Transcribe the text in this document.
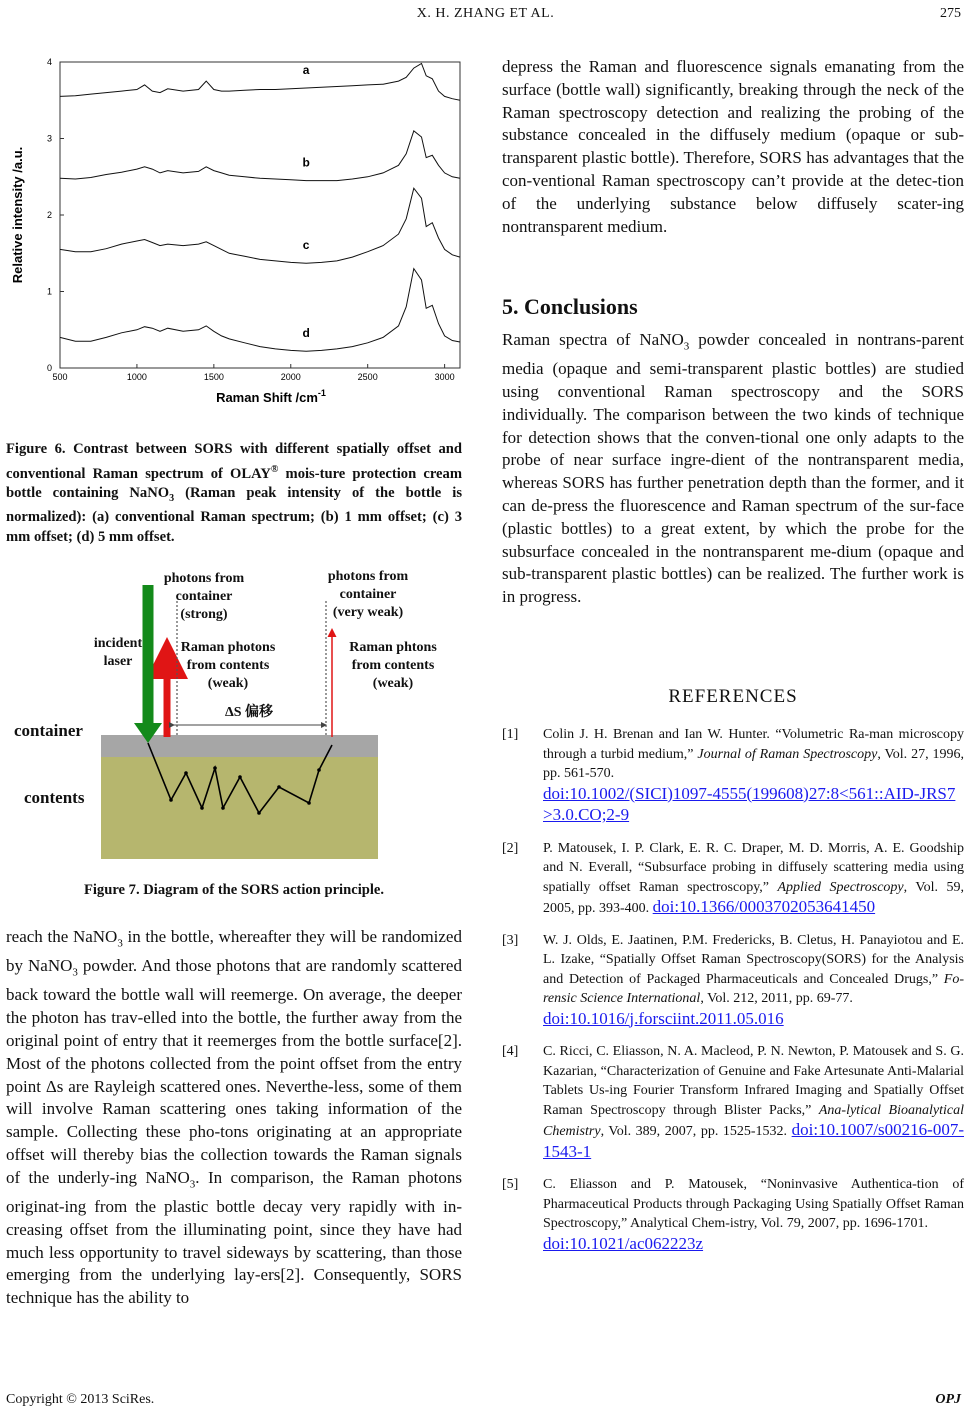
X. H. ZHANG ET AL.	275
500	1000	1500	2000	2500	3000
0
1
2
3
4
a
b
c
d
Relative intensity /a.u.
Raman Shift $/cm^{-1}$
Figure 6. Contrast between SORS with different spatially offset and conventional Raman spectrum of OLAY® mois-ture protection cream bottle containing NaNO$_3$ (Raman peak intensity of the bottle is normalized): (a) conventional Raman spectrum; (b) 1 mm offset; (c) 3 mm offset; (d) 5 mm offset.
photons from
container
(strong)
photons from
container
(very weak)
incident
laser
Raman photons
from contents
(weak)
Raman phtons
from contents
(weak)
ΔS 偏移
container
contents
Figure 7. Diagram of the SORS action principle.
reach the NaNO$_3$ in the bottle, whereafter they will be randomized by NaNO$_3$ powder. And those photons that are randomly scattered back toward the bottle wall will reemerge. On average, the deeper the photon has trav-elled into the bottle, the further away from the original point of entry that it reemerges from the bottle surface[2]. Most of the photons collected from the point offset from the entry point Δs are Rayleigh scattered ones. Neverthe-less, some of them will involve Raman scattering ones taking information of the sample. Collecting these pho-tons originating at an appropriate offset will thereby bias the collection towards the Raman signals of the underly-ing NaNO$_3$. In comparison, the Raman photons originat-ing from the plastic bottle decay very rapidly with in-creasing offset from the illuminating point, since they have had much less opportunity to travel sideways by scattering, than those emerging from the underlying lay-ers[2]. Consequently, SORS technique has the ability to
depress the Raman and fluorescence signals emanating from the surface (bottle wall) significantly, breaking through the neck of the Raman spectroscopy detection and realizing the probing of the substance concealed in the diffusely medium (opaque or sub-transparent plastic bottle). Therefore, SORS has advantages that the con-ventional Raman spectroscopy can’t provide at the detec-tion of the underlying substance below diffusely scater-ing nontransparent medium.
5. Conclusions
Raman spectra of NaNO$_3$ powder concealed in nontrans-parent media (opaque and semi-transparent plastic bottles) are studied using conventional Raman spectroscopy and the SORS individually. The comparison between the two kinds of technique for detection shows that the conven-tional one only adapts to the probe of near surface ingre-dient of the nontransparent media, whereas SORS has further penetration depth than the former, and it can de-press the fluorescence and Raman spectrum of the sur-face (plastic bottles) to a great extent, by which the probe for the subsurface concealed in the nontransparent me-dium (opaque and sub-transparent plastic bottles) can be realized. The further work is in progress.
REFERENCES
[1] Colin J. H. Brenan and Ian W. Hunter. “Volumetric Ra-man microscopy through a turbid medium,” Journal of Raman Spectroscopy, Vol. 27, 1996, pp. 561-570.
doi:10.1002/(SICI)1097-4555(199608)27:8<561::AID-JRS7>3.0.CO;2-9
[2] P. Matousek, I. P. Clark, E. R. C. Draper, M. D. Morris, A. E. Goodship and N. Everall, “Subsurface probing in diffusely scattering media using spatially offset Raman spectroscopy,” Applied Spectroscopy, Vol. 59, 2005, pp. 393-400. doi:10.1366/0003702053641450
[3] W. J. Olds, E. Jaatinen, P.M. Fredericks, B. Cletus, H. Panayiotou and E. L. Izake, “Spatially Offset Raman Spectroscopy(SORS) for the Analysis and Detection of Packaged Pharmaceuticals and Concealed Drugs,” Fo-rensic Science International, Vol. 212, 2011, pp. 69-77.
doi:10.1016/j.forsciint.2011.05.016
[4] C. Ricci, C. Eliasson, N. A. Macleod, P. N. Newton, P. Matousek and S. G. Kazarian, “Characterization of Genuine and Fake Artesunate Anti-Malarial Tablets Us-ing Fourier Transform Infrared Imaging and Spatially Offset Raman Spectroscopy through Blister Packs,” Ana-lytical Bioanalytical Chemistry, Vol. 389, 2007, pp. 1525-1532. doi:10.1007/s00216-007-1543-1
[5] C. Eliasson and P. Matousek, “Noninvasive Authentica-tion of Pharmaceutical Products through Packaging Using Spatially Offset Raman Spectroscopy,” Analytical Chem-istry, Vol. 79, 2007, pp. 1696-1701.
doi:10.1021/ac062223z
Copyright © 2013 SciRes.	OPJ
